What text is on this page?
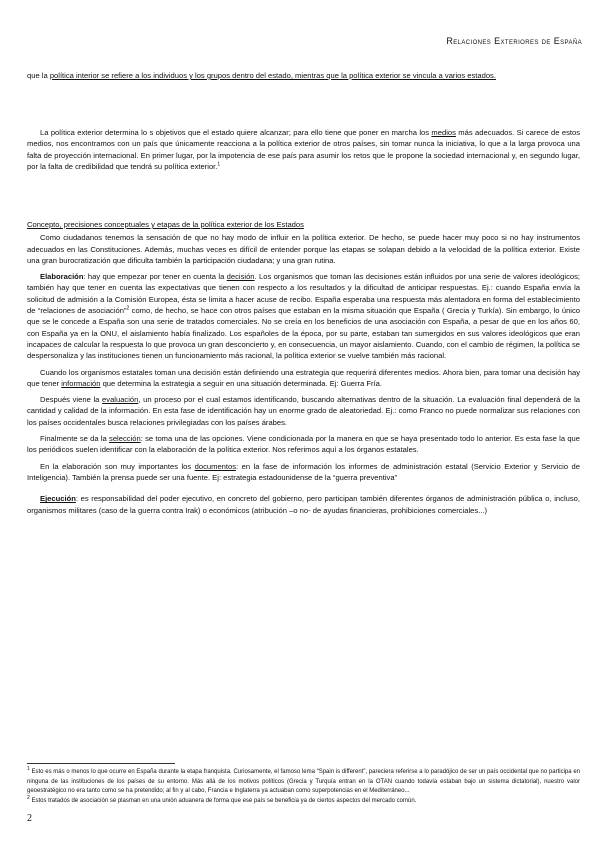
Relaciones Exteriores de España

que la política interior se refiere a los individuos y los grupos dentro del estado, mientras que la política exterior se vincula a varios estados.

La política exterior determina lo s objetivos que el estado quiere alcanzar; para ello tiene que poner en marcha los medios más adecuados. Si carece de estos medios, nos encontramos con un país que únicamente reacciona a la política exterior de otros países, sin tomar nunca la iniciativa, lo que a la larga provoca una falta de proyección internacional. En primer lugar, por la impotencia de ese país para asumir los retos que le propone la sociedad internacional y, en segundo lugar, por la falta de credibilidad que tendrá su política exterior.$^1$

Concepto, precisiones conceptuales y etapas de la política exterior de los Estados

Como ciudadanos tenemos la sensación de que no hay modo de influir en la política exterior. De hecho, se puede hacer muy poco si no hay instrumentos adecuados en las Constituciones. Además, muchas veces es difícil de entender porque las etapas se solapan debido a la velocidad de la política exterior. Existe una gran burocratización que dificulta también la participación ciudadana; y una gran rutina.

Elaboración: hay que empezar por tener en cuenta la decisión. Los organismos que toman las decisiones están influidos por una serie de valores ideológicos; también hay que tener en cuenta las expectativas que tienen con respecto a los resultados y la dificultad de anticipar respuestas. Ej.: cuando España envía la solicitud de admisión a la Comisión Europea, ésta se limita a hacer acuse de recibo. España esperaba una respuesta más alentadora en forma del establecimiento de “relaciones de asociación”$^2$ como, de hecho, se hace con otros países que estaban en la misma situación que España ( Grecia y Turkía). Sin embargo, lo único que se le concede a España son una serie de tratados comerciales. No se creía en los beneficios de una asociación con España, a pesar de que en los años 60, con España ya en la ONU, el aislamiento había finalizado. Los españoles de la época, por su parte, estaban tan sumergidos en sus valores ideológicos que eran incapaces de calcular la respuesta lo que provoca un gran desconcierto y, en consecuencia, un mayor aislamiento. Cuando, con el cambio de régimen, la política se despersonaliza y las instituciones tienen un funcionamiento más racional, la política exterior se vuelve también más racional.

Cuando los organismos estatales toman una decisión están definiendo una estrategia que requerirá diferentes medios. Ahora bien, para tomar una decisión hay que tener información que determina la estrategia a seguir en una situación determinada. Ej: Guerra Fría.

Después viene la evaluación, un proceso por el cual estamos identificando, buscando alternativas dentro de la situación. La evaluación final dependerá de la cantidad y calidad de la información. En esta fase de identificación hay un enorme grado de aleatoriedad. Ej.: como Franco no puede normalizar sus relaciones con los países occidentales busca relaciones privilegiadas con los países árabes.

Finalmente se da la selección: se toma una de las opciones. Viene condicionada por la manera en que se haya presentado todo lo anterior. Es esta fase la que los periódicos suelen identificar con la elaboración de la política exterior. Nos referimos aquí a los órganos estatales.

En la elaboración son muy importantes los documentos: en la fase de información los informes de administración estatal (Servicio Exterior y Servicio de Inteligencia). También la prensa puede ser una fuente. Ej: estrategia estadounidense de la “guerra preventiva”

Ejecución: es responsabilidad del poder ejecutivo, en concreto del gobierno, pero participan también diferentes órganos de administración pública o, incluso, organismos militares (caso de la guerra contra Irak) o económicos (atribución –o no- de ayudas financieras, prohibiciones comerciales...)

$^1$ Esto es más o menos lo que ocurre en España durante la etapa franquista. Curiosamente, el famoso lema “Spain is different”, pareciera referirse a lo paradójico de ser un país occidental que no participa en ninguna de las instituciones de los países de su entorno. Más allá de los motivos políticos (Grecia y Turquía entran en la OTAN cuando todavía estaban bajo un sistema dictatorial), nuestro valor geoestratégico no era tanto como se ha pretendido; al fin y al cabo, Francia e Inglaterra ya actuaban como superpotencias en el Mediterráneo...

$^2$ Estos tratados de asociación se plasman en una unión aduanera de forma que ese país se beneficia ya de ciertos aspectos del mercado común.

2
